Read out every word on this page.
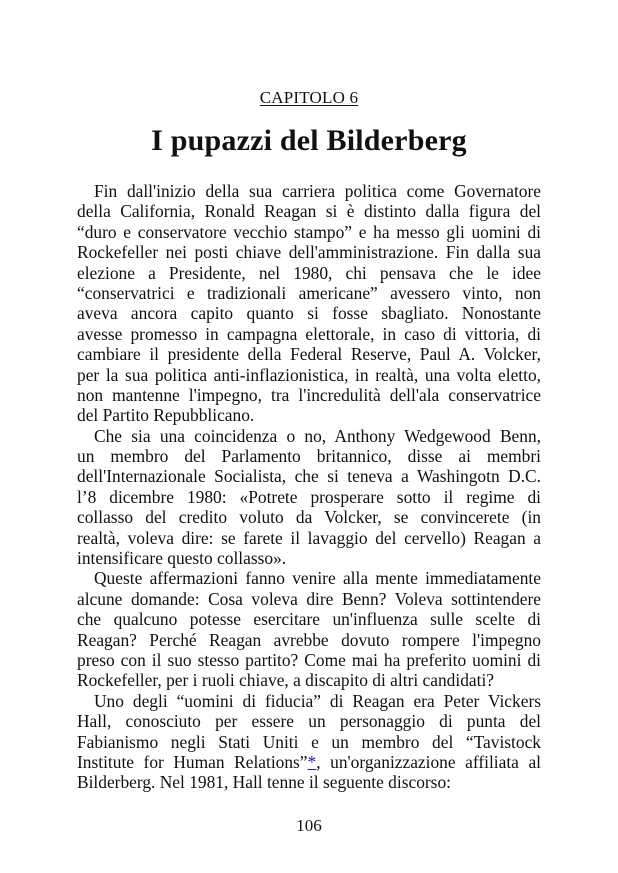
CAPITOLO 6
I pupazzi del Bilderberg
Fin dall'inizio della sua carriera politica come Governatore
della California, Ronald Reagan si è distinto dalla figura del
“duro e conservatore vecchio stampo” e ha messo gli uomini di
Rockefeller nei posti chiave dell'amministrazione. Fin dalla sua
elezione a Presidente, nel 1980, chi pensava che le idee
“conservatrici e tradizionali americane” avessero vinto, non
aveva ancora capito quanto si fosse sbagliato. Nonostante
avesse promesso in campagna elettorale, in caso di vittoria, di
cambiare il presidente della Federal Reserve, Paul A. Volcker,
per la sua politica anti-inflazionistica, in realtà, una volta eletto,
non mantenne l'impegno, tra l'incredulità dell'ala conservatrice
del Partito Repubblicano.
Che sia una coincidenza o no, Anthony Wedgewood Benn,
un membro del Parlamento britannico, disse ai membri
dell'Internazionale Socialista, che si teneva a Washingotn D.C.
l’8 dicembre 1980: «Potrete prosperare sotto il regime di
collasso del credito voluto da Volcker, se convincerete (in
realtà, voleva dire: se farete il lavaggio del cervello) Reagan a
intensificare questo collasso».
Queste affermazioni fanno venire alla mente immediatamente
alcune domande: Cosa voleva dire Benn? Voleva sottintendere
che qualcuno potesse esercitare un'influenza sulle scelte di
Reagan? Perché Reagan avrebbe dovuto rompere l'impegno
preso con il suo stesso partito? Come mai ha preferito uomini di
Rockefeller, per i ruoli chiave, a discapito di altri candidati?
Uno degli “uomini di fiducia” di Reagan era Peter Vickers
Hall, conosciuto per essere un personaggio di punta del
Fabianismo negli Stati Uniti e un membro del “Tavistock
Institute for Human Relations”*, un'organizzazione affiliata al
Bilderberg. Nel 1981, Hall tenne il seguente discorso:
106
